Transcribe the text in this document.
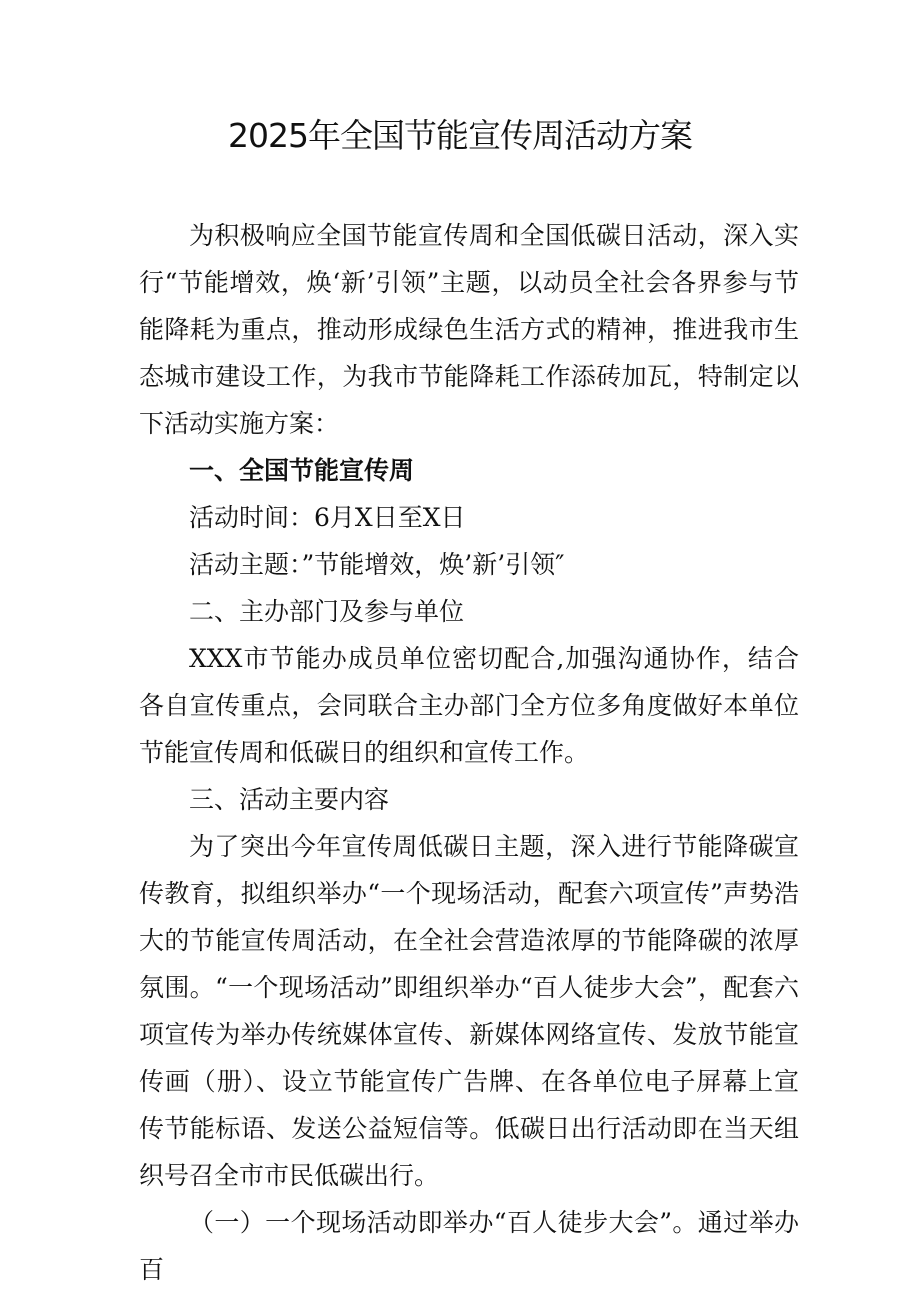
2025年全国节能宣传周活动方案

为积极响应全国节能宣传周和全国低碳日活动，深入实行“节能增效，焕‘新’引领”主题，以动员全社会各界参与节能降耗为重点，推动形成绿色生活方式的精神，推进我市生态城市建设工作，为我市节能降耗工作添砖加瓦，特制定以下活动实施方案：

一、全国节能宣传周

活动时间：6月X日至X日

活动主题：”节能增效，焕’新’引领″

二、主办部门及参与单位

XXX市节能办成员单位密切配合,加强沟通协作，结合各自宣传重点，会同联合主办部门全方位多角度做好本单位节能宣传周和低碳日的组织和宣传工作。

三、活动主要内容

为了突出今年宣传周低碳日主题，深入进行节能降碳宣传教育，拟组织举办“一个现场活动，配套六项宣传”声势浩大的节能宣传周活动，在全社会营造浓厚的节能降碳的浓厚氛围。“一个现场活动”即组织举办“百人徒步大会”，配套六项宣传为举办传统媒体宣传、新媒体网络宣传、发放节能宣传画（册）、设立节能宣传广告牌、在各单位电子屏幕上宣传节能标语、发送公益短信等。低碳日出行活动即在当天组织号召全市市民低碳出行。

（一）一个现场活动即举办“百人徒步大会”。通过举办百
